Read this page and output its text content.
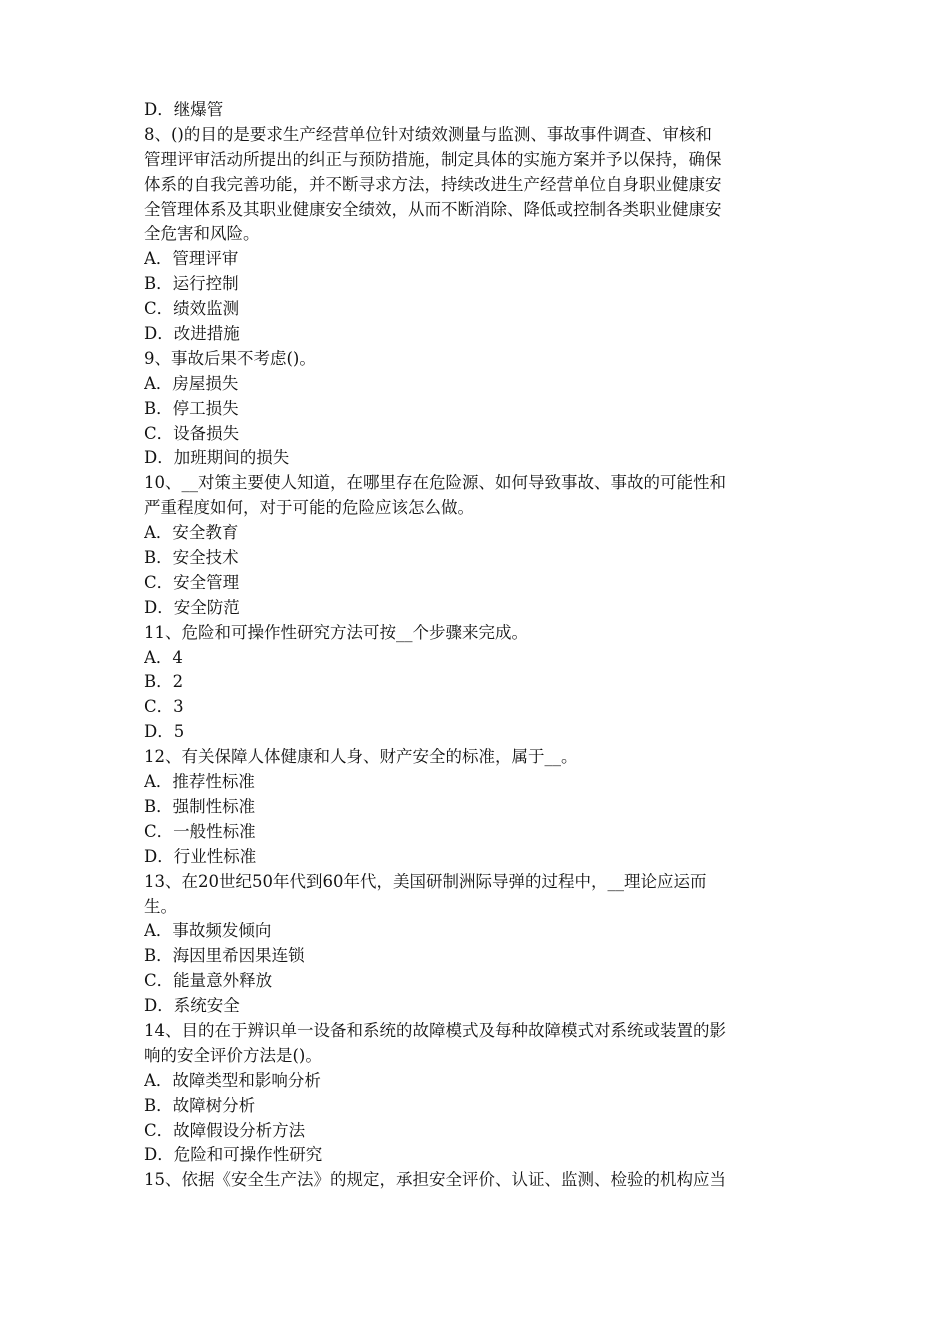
D．继爆管
8、()的目的是要求生产经营单位针对绩效测量与监测、事故事件调查、审核和
管理评审活动所提出的纠正与预防措施，制定具体的实施方案并予以保持，确保
体系的自我完善功能，并不断寻求方法，持续改进生产经营单位自身职业健康安
全管理体系及其职业健康安全绩效，从而不断消除、降低或控制各类职业健康安
全危害和风险。
A．管理评审
B．运行控制
C．绩效监测
D．改进措施
9、事故后果不考虑()。
A．房屋损失
B．停工损失
C．设备损失
D．加班期间的损失
10、__对策主要使人知道，在哪里存在危险源、如何导致事故、事故的可能性和
严重程度如何，对于可能的危险应该怎么做。
A．安全教育
B．安全技术
C．安全管理
D．安全防范
11、危险和可操作性研究方法可按__个步骤来完成。
A．4
B．2
C．3
D．5
12、有关保障人体健康和人身、财产安全的标准，属于__。
A．推荐性标准
B．强制性标准
C．一般性标准
D．行业性标准
13、在20世纪50年代到60年代，美国研制洲际导弹的过程中，__理论应运而
生。
A．事故频发倾向
B．海因里希因果连锁
C．能量意外释放
D．系统安全
14、目的在于辨识单一设备和系统的故障模式及每种故障模式对系统或装置的影
响的安全评价方法是()。
A．故障类型和影响分析
B．故障树分析
C．故障假设分析方法
D．危险和可操作性研究
15、依据《安全生产法》的规定，承担安全评价、认证、监测、检验的机构应当
